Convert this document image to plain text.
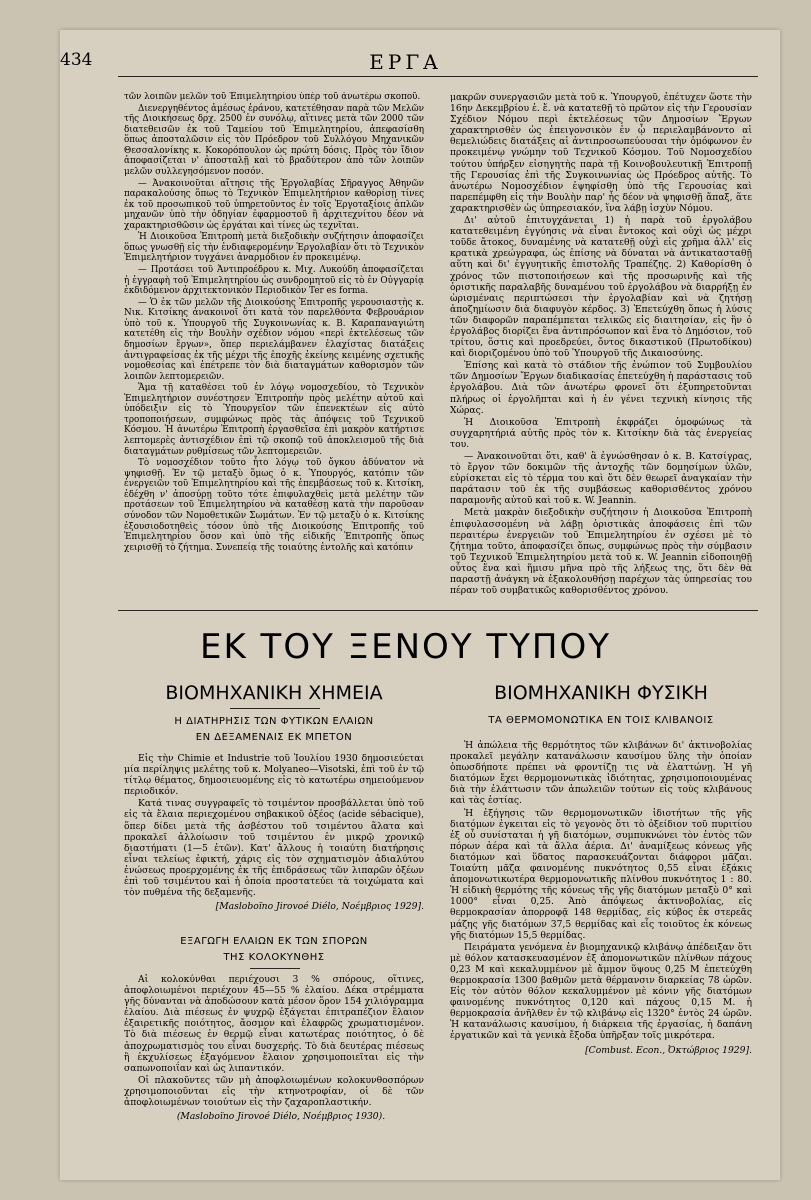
434	ΕΡΓΑ

τῶν λοιπῶν μελῶν τοῦ Ἐπιμελητηρίου ὑπὲρ τοῦ ἀνωτέρω σκοποῦ.

Διενεργηθέντος ἀμέσως ἐράνου, κατετέθησαν παρὰ τῶν Μελῶν τῆς Διοικήσεως δρχ. 2500 ἐν συνόλῳ, αἵτινες μετὰ τῶν 2000 τῶν διατεθεισῶν ἐκ τοῦ Ταμείου τοῦ Ἐπιμελητηρίου, ἀπεφασίσθη ὅπως ἀποσταλῶσιν εἰς τὸν Πρόεδρον τοῦ Συλλόγου Μηχανικῶν Θεσσαλονίκης κ. Κοκορόπουλον ὡς πρώτη δόσις. Πρὸς τὸν ἴδιον ἀποφασίζεται ν' ἀποσταλῇ καὶ τὸ βραδύτερον ἀπὸ τῶν λοιπῶν μελῶν συλλεγησόμενον ποσόν.

— Ἀνακοινοῦται αἴτησις τῆς Ἐργολαβίας Σῆραγγος Ἀθηνῶν παρακαλούσης ὅπως τὸ Τεχνικὸν Ἐπιμελητήριον καθορίσῃ τίνες ἐκ τοῦ προσωπικοῦ τοῦ ὑπηρετοῦντος ἐν τοῖς Ἐργοταξίοις ἁπλῶν μηχανῶν ὑπὸ τὴν ὁδηγίαν ἐφαρμοστοῦ ἢ ἀρχιτεχνίτου δέον νὰ χαρακτηρισθῶσιν ὡς ἐργάται καὶ τίνες ὡς τεχνῖται.

Ἡ Διοικοῦσα Ἐπιτροπὴ μετὰ διεξοδικὴν συζήτησιν ἀποφασίζει ὅπως γνωσθῇ εἰς τὴν ἐνδιαφερομένην Ἐργολαβίαν ὅτι τὸ Τεχνικὸν Ἐπιμελητήριον τυγχάνει ἀναρμόδιον ἐν προκειμένῳ.

— Προτάσει τοῦ Ἀντιπροέδρου κ. Μιχ. Λυκούδη ἀποφασίζεται ἡ ἐγγραφὴ τοῦ Ἐπιμελητηρίου ὡς συνδρομητοῦ εἰς τὸ ἐν Οὐγγαρίᾳ ἐκδιδόμενον ἀρχιτεκτονικὸν Περιοδικὸν Ter es forma.

— Ὁ ἐκ τῶν μελῶν τῆς Διοικούσης Ἐπιτροπῆς γερουσιαστὴς κ. Νικ. Κιτσίκης ἀνακοινοῖ ὅτι κατὰ τὸν παρελθόντα Φεβρουάριον ὑπὸ τοῦ κ. Ὑπουργοῦ τῆς Συγκοινωνίας κ. Β. Καραπαναγιώτη κατετέθη εἰς τὴν Βουλὴν σχέδιον νόμου «περὶ ἐκτελέσεως τῶν δημοσίων ἔργων», ὅπερ περιελάμβανεν ἐλαχίστας διατάξεις ἀντιγραφείσας ἐκ τῆς μέχρι τῆς ἐποχῆς ἐκείνης κειμένης σχετικῆς νομοθεσίας καὶ ἐπέτρεπε τὸν διὰ διαταγμάτων καθορισμὸν τῶν λοιπῶν λεπτομερειῶν.

Ἅμα τῇ καταθέσει τοῦ ἐν λόγῳ νομοσχεδίου, τὸ Τεχνικὸν Ἐπιμελητήριον συνέστησεν Ἐπιτροπὴν πρὸς μελέτην αὐτοῦ καὶ ὑπόδειξιν εἰς τὸ Ὑπουργεῖον τῶν ἐπενεκτέων εἰς αὐτὸ τροποποιήσεων, συμφώνως πρὸς τὰς ἀπόψεις τοῦ Τεχνικοῦ Κόσμου. Ἡ ἀνωτέρω Ἐπιτροπὴ ἐργασθεῖσα ἐπὶ μακρὸν κατήρτισε λεπτομερὲς ἀντισχέδιον ἐπὶ τῷ σκοπῷ τοῦ ἀποκλεισμοῦ τῆς διὰ διαταγμάτων ρυθμίσεως τῶν λεπτομερειῶν.

Τὸ νομοσχέδιον τοῦτο ἦτο λόγῳ τοῦ ὄγκου ἀδύνατον νὰ ψηφισθῇ. Ἐν τῷ μεταξὺ ὅμως ὁ κ. Ὑπουργός, κατόπιν τῶν ἐνεργειῶν τοῦ Ἐπιμελητηρίου καὶ τῆς ἐπεμβάσεως τοῦ κ. Κιτσίκη, ἐδέχθη ν' ἀποσύρῃ τοῦτο τότε ἐπιφυλαχθεὶς μετὰ μελέτην τῶν προτάσεων τοῦ Ἐπιμελητηρίου νὰ καταθέσῃ κατὰ τὴν παροῦσαν σύνοδον τῶν Νομοθετικῶν Σωμάτων. Ἐν τῷ μεταξὺ ὁ κ. Κιτσίκης ἐξουσιοδοτηθεὶς τόσον ὑπὸ τῆς Διοικούσης Ἐπιτροπῆς τοῦ Ἐπιμελητηρίου ὅσον καὶ ὑπὸ τῆς εἰδικῆς Ἐπιτροπῆς ὅπως χειρισθῇ τὸ ζήτημα. Συνεπείᾳ τῆς τοιαύτης ἐντολῆς καὶ κατόπιν

μακρῶν συνεργασιῶν μετὰ τοῦ κ. Ὑπουργοῦ, ἐπέτυχεν ὥστε τὴν 16ην Δεκεμβρίου ἐ. ἔ. νὰ κατατεθῇ τὸ πρῶτον εἰς τὴν Γερουσίαν Σχέδιον Νόμου περὶ ἐκτελέσεως τῶν Δημοσίων Ἔργων χαρακτηρισθὲν ὡς ἐπειγονσικὸν ἐν ᾧ περιελαμβάνοντο αἱ θεμελιώδεις διατάξεις αἱ ἀντιπροσωπεύουσαι τὴν ὁμόφωνον ἐν προκειμένῳ γνώμην τοῦ Τεχνικοῦ Κόσμου. Τοῦ Νομοσχεδίου τούτου ὑπήρξεν εἰσηγητὴς παρὰ τῇ Κοινοβουλευτικῇ Ἐπιτροπῇ τῆς Γερουσίας ἐπὶ τῆς Συγκοινωνίας ὡς Πρόεδρος αὐτῆς. Τὸ ἀνωτέρω Νομοσχέδιον ἐψηφίσθη ὑπὸ τῆς Γερουσίας καὶ παρεπέμφθη εἰς τὴν Βουλὴν παρ' ἧς δέον νὰ ψηφισθῇ ἅπαξ, ἅτε χαρακτηρισθὲν ὡς ὑπηρεσιακόν, ἵνα λάβῃ ἰσχὺν Νόμου.

Δι' αὐτοῦ ἐπιτυγχάνεται 1) ἡ παρὰ τοῦ ἐργολάβου κατατεθειμένη ἐγγύησις νὰ εἶναι ἔντοκος καὶ οὐχὶ ὡς μέχρι τοῦδε ἄτοκος, δυναμένης νὰ κατατεθῇ οὐχὶ εἰς χρῆμα ἀλλ' εἰς κρατικὰ χρεώγραφα, ὡς ἐπίσης νὰ δύναται νὰ ἀντικατασταθῇ αὕτη καὶ δι' ἐγγυητικῆς ἐπιστολῆς Τραπέζης. 2) Καθορίσθη ὁ χρόνος τῶν πιστοποιήσεων καὶ τῆς προσωρινῆς καὶ τῆς ὁριστικῆς παραλαβῆς δυναμένου τοῦ ἐργολάβου νὰ διαρρήξῃ ἐν ὡρισμέναις περιπτώσεσι τὴν ἐργολαβίαν καὶ νὰ ζητήσῃ ἀποζημίωσιν διὰ διαφυγὸν κέρδος. 3) Ἐπετεύχθη ὅπως ἡ λύσις τῶν διαφορῶν παραπέμπεται τελικῶς εἰς διαιτησίαν, εἰς ἣν ὁ ἐργολάβος διορίζει ἕνα ἀντιπρόσωπον καὶ ἕνα τὸ Δημόσιον, τοῦ τρίτου, ὅστις καὶ προεδρεύει, ὄντος δικαστικοῦ (Πρωτοδίκου) καὶ διοριζομένου ὑπὸ τοῦ Ὑπουργοῦ τῆς Δικαιοσύνης.

Ἐπίσης καὶ κατὰ τὸ στάδιον τῆς ἐνώπιον τοῦ Συμβουλίου τῶν Δημοσίων Ἔργων διαδικασίας ἐπετεύχθη ἡ παράστασις τοῦ ἐργολάβου. Διὰ τῶν ἀνωτέρω φρονεῖ ὅτι ἐξυπηρετοῦνται πλήρως οἱ ἐργολῆπται καὶ ἡ ἐν γένει τεχνικὴ κίνησις τῆς Χώρας.

Ἡ Διοικοῦσα Ἐπιτροπὴ ἐκφράζει ὁμοφώνως τὰ συγχαρητήριά αὐτῆς πρὸς τὸν κ. Κιτσίκην διὰ τὰς ἐνεργείας του.

— Ἀνακοινοῦται ὅτι, καθ' ἃ ἐγνώσθησαν ὁ κ. Β. Κατσίγρας, τὸ ἔργον τῶν δοκιμῶν τῆς ἀντοχῆς τῶν δομησίμων ὑλῶν, εὑρίσκεται εἰς τὸ τέρμα του καὶ ὅτι δὲν θεωρεῖ ἀναγκαίαν τὴν παράτασιν τοῦ ἐκ τῆς συμβάσεως καθορισθέντος χρόνου παραμονῆς αὐτοῦ καὶ τοῦ κ. W. Jeannin.

Μετὰ μακρὰν διεξοδικὴν συζήτησιν ἡ Διοικοῦσα Ἐπιτροπὴ ἐπιφυλασσομένη νὰ λάβῃ ὁριστικὰς ἀποφάσεις ἐπὶ τῶν περαιτέρω ἐνεργειῶν τοῦ Ἐπιμελητηρίου ἐν σχέσει μὲ τὸ ζήτημα τοῦτο, ἀποφασίζει ὅπως, συμφώνως πρὸς τὴν σύμβασιν τοῦ Τεχνικοῦ Ἐπιμελητηρίου μετὰ τοῦ κ. W. Jeannin εἰδοποιηθῇ οὗτος ἕνα καὶ ἥμισυ μῆνα πρὸ τῆς λήξεως της, ὅτι δὲν θὰ παραστῇ ἀνάγκη νὰ ἐξακολουθήσῃ παρέχων τὰς ὑπηρεσίας του πέραν τοῦ συμβατικῶς καθορισθέντος χρόνου.

ΕΚ ΤΟΥ ΞΕΝΟΥ ΤΥΠΟΥ
ΒΙΟΜΗΧΑΝΙΚΗ ΧΗΜΕΙΑ
Η ΔΙΑΤΗΡΗΣΙΣ ΤΩΝ ΦΥΤΙΚΩΝ ΕΛΑΙΩΝ
ΕΝ ΔΕΞΑΜΕΝΑΙΣ ΕΚ ΜΠΕΤΟΝ

Εἰς τὴν Chimie et Industrie τοῦ Ἰουλίου 1930 δημοσιεύεται μία περίληψις μελέτης τοῦ κ. Molyaneo—Visotski, ἐπὶ τοῦ ἐν τῷ τίτλῳ θέματος, δημοσιευομένης εἰς τὸ κατωτέρω σημειούμενον περιοδικόν.

Κατά τινας συγγραφεῖς τὸ τσιμέντον προσβάλλεται ὑπὸ τοῦ εἰς τὰ ἔλαια περιεχομένου σηβακικοῦ ὀξέος (acide sébacique), ὅπερ δίδει μετὰ τῆς ἀσβέστου τοῦ τσιμέντου ἅλατα καὶ προκαλεῖ ἀλλοίωσιν τοῦ τσιμέντου ἐν μικρῷ χρονικῷ διαστήματι (1—5 ἐτῶν). Κατ' ἄλλους ἡ τοιαύτη διατήρησις εἶναι τελείως ἐφικτή, χάρις εἰς τὸν σχηματισμὸν ἀδιαλύτου ἐνώσεως προερχομένης ἐκ τῆς ἐπιδράσεως τῶν λιπαρῶν ὀξέων ἐπὶ τοῦ τσιμέντου καὶ ἡ ὁποία προστατεύει τὰ τοιχώματα καὶ τὸν πυθμένα τῆς δεξαμενῆς.

[Masloboïno Jirovoé Diélo, Νοέμβριος 1929].

ΕΞΑΓΩΓΗ ΕΛΑΙΩΝ ΕΚ ΤΩΝ ΣΠΟΡΩΝ
ΤΗΣ ΚΟΛΟΚΥΝΘΗΣ

Αἱ κολοκύνθαι περιέχουσι 3 % σπόρους, οἵτινες, ἀποφλοιωμένοι περιέχουν 45—55 % ἐλαίου. Δέκα στρέμματα γῆς δύνανται νὰ ἀποδώσουν κατὰ μέσον ὅρον 154 χιλιόγραμμα ἐλαίου. Διὰ πιέσεως ἐν ψυχρῷ ἐξάγεται ἐπιτραπέζιον ἔλαιον ἐξαιρετικῆς ποιότητος, ἄοσμον καὶ ἐλαφρῶς χρωματισμένον. Τὸ διὰ πιέσεως ἐν θερμῷ εἶναι κατωτέρας ποιότητος, ὁ δὲ ἀποχρωματισμὸς του εἶναι δυσχερής. Τὸ διὰ δευτέρας πιέσεως ἢ ἐκχυλίσεως ἐξαγόμενον ἔλαιον χρησιμοποιεῖται εἰς τὴν σαπωνοποιΐαν καὶ ὡς λιπαντικόν.

Οἱ πλακοῦντες τῶν μὴ ἀποφλοιωμένων κολοκυνθοσπόρων χρησιμοποιοῦνται εἰς τὴν κτηνοτροφίαν, οἱ δὲ τῶν ἀποφλοιωμένων τοιούτων εἰς τὴν ζαχαροπλαστικήν.

(Masloboïno Jirovoé Diélo, Νοέμβριος 1930).

ΒΙΟΜΗΧΑΝΙΚΗ ΦΥΣΙΚΗ
ΤΑ ΘΕΡΜΟΜΟΝΩΤΙΚΑ ΕΝ ΤΟΙΣ ΚΛΙΒΑΝΟΙΣ

Ἡ ἀπώλεια τῆς θερμότητος τῶν κλιβάνων δι' ἀκτινοβολίας προκαλεῖ μεγάλην κατανάλωσιν καυσίμου ὕλης τὴν ὁποίαν ὁπωσδήποτε πρέπει νὰ φροντίζῃ τις νὰ ἐλαττώνῃ. Ἡ γῆ διατόμων ἔχει θερμομονωτικὰς ἰδιότητας, χρησιμοποιουμένας διὰ τὴν ἐλάττωσιν τῶν ἀπωλειῶν τούτων εἰς τοὺς κλιβάνους καὶ τὰς ἑστίας.

Ἡ ἐξήγησις τῶν θερμομονωτικῶν ἰδιοτήτων τῆς γῆς διατόμων ἐγκειται εἰς τὸ γεγονὸς ὅτι τὸ ὀξείδιον τοῦ πυριτίου ἐξ οὗ συνίσταται ἡ γῆ διατόμων, συμπυκνώνει τὸν ἐντὸς τῶν πόρων ἀέρα καὶ τὰ ἄλλα ἀέρια. Δι' ἀναμίξεως κόνεως γῆς διατόμων καὶ ὕδατος παρασκευάζονται διάφοροι μᾶζαι. Τοιαύτη μᾶζα φαινομένης πυκνότητος 0,55 εἶναι ἐξάκις ἀπομονωτικωτέρα θερμομονωτικῆς πλίνθου πυκνότητος 1 : 80. Ἡ εἰδικὴ θερμότης τῆς κόνεως τῆς γῆς διατόμων μεταξὺ 0° καὶ 1000° εἶναι 0,25. Ἀπὸ ἀπόψεως ἀκτινοβολίας, εἰς θερμοκρασίαν ἀπορροφᾷ 148 θερμίδας, εἰς κύβος ἐκ στερεᾶς μάζης γῆς διατόμων 37,5 θερμίδας καὶ εἷς τοιοῦτος ἐκ κόνεως γῆς διατόμων 15,5 θερμίδας.

Πειράματα γενόμενα ἐν βιομηχανικῷ κλιβάνῳ ἀπέδειξαν ὅτι μὲ θόλον κατασκευασμένον ἐξ ἀπομονωτικῶν πλίνθων πάχους 0,23 Μ καὶ κεκαλυμμένον μὲ ἄμμον ὕψους 0,25 Μ ἐπετεύχθη θερμοκρασία 1300 βαθμῶν μετὰ θέρμανσιν διαρκείας 78 ὡρῶν. Εἰς τὸν αὐτὸν θόλον κεκαλυμμένον μὲ κόνιν γῆς διατόμων φαινομένης πυκνότητος 0,120 καὶ πάχους 0,15 Μ. ἡ θερμοκρασία ἀνῆλθεν ἐν τῷ κλιβάνῳ εἰς 1320° ἐντὸς 24 ὡρῶν. Ἡ κατανάλωσις καυσίμου, ἡ διάρκεια τῆς ἐργασίας, ἡ δαπάνη ἐργατικῶν καὶ τὰ γενικὰ ἔξοδα ὑπῆρξαν τοῖς μικρότερα.

[Combust. Econ., Ὀκτώβριος 1929].
